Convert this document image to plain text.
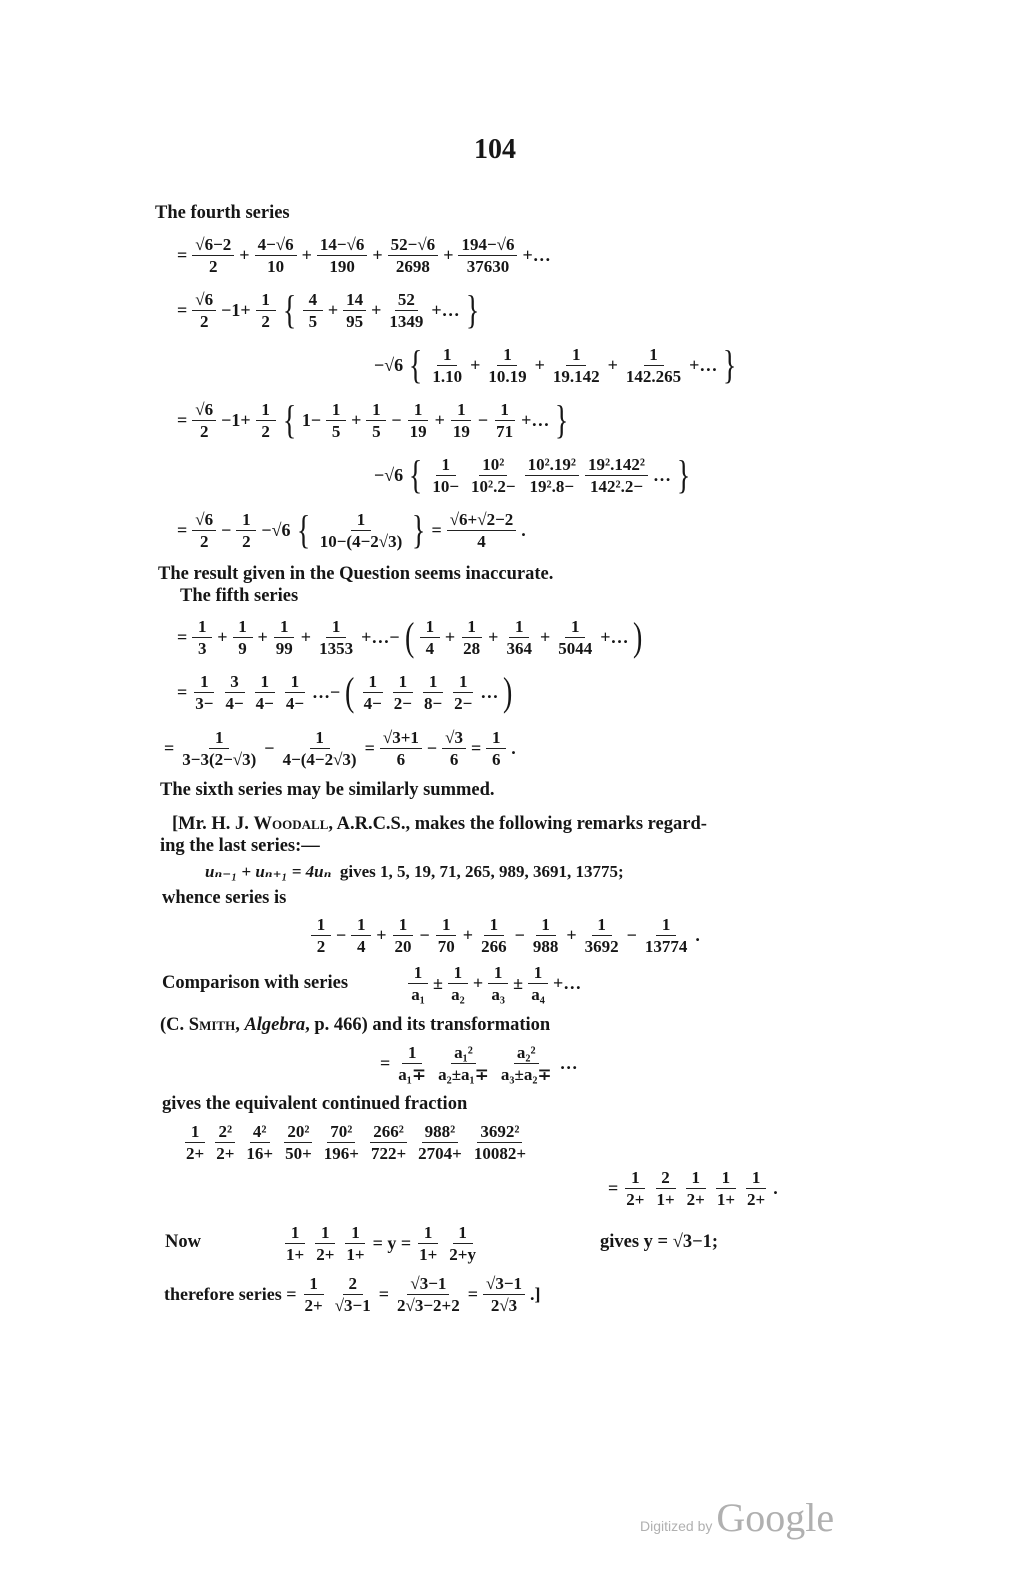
104
The fourth series
= $\frac{√6-2}{2} + \frac{4-√6}{10} + \frac{14-√6}{190} + \frac{52-√6}{2698} + \frac{194-√6}{37630}$ +…
= $\frac{√6}{2} -1+ \frac{1}{2}$ { $\frac{4}{5} + \frac{14}{95} + \frac{52}{1349}$ +… }
−√6 { $\frac{1}{1.10} + \frac{1}{10.19} + \frac{1}{19.142} + \frac{1}{142.265}$ +… }
= $\frac{√6}{2} -1+ \frac{1}{2}$ { $1- \frac{1}{5} + \frac{1}{5} - \frac{1}{19} + \frac{1}{19} - \frac{1}{71}$ +… }
−√6 { $\frac{1}{10-} \frac{\text{10²}}{\text{10².2−}} \frac{\text{10².19²}}{\text{19².8−}} \frac{\text{19².142²}}{\text{142².2−}}$ … }
= $\frac{√6}{2} - \frac{1}{2} -√6$ { $\frac{1}{10-(4-2√3)}$ } = $\frac{√6+√2-2}{4}$ .
The result given in the Question seems inaccurate.
The fifth series
= $\frac{1}{3} + \frac{1}{9} + \frac{1}{99} + \frac{1}{1353}$ +…− ( $\frac{1}{4} + \frac{1}{28} + \frac{1}{364} + \frac{1}{5044}$ +… )
= $\frac{1}{3-} \frac{3}{4-} \frac{1}{4-} \frac{1}{4-}$ …− ( $\frac{1}{4-} \frac{1}{2-} \frac{1}{8-} \frac{1}{2-}$ … )
= $\frac{1}{3-3(2-√3)} - \frac{1}{4-(4-2√3)} = \frac{√3+1}{6} - \frac{√3}{6} = \frac{1}{6}$ .
The sixth series may be similarly summed.
[Mr. H. J. Woodall, A.R.C.S., makes the following remarks regard-
ing the last series:—
uₙ₋₁ + uₙ₊₁ = 4uₙ gives 1, 5, 19, 71, 265, 989, 3691, 13775;
whence series is
$\frac{1}{2} - \frac{1}{4} + \frac{1}{20} - \frac{1}{70} + \frac{1}{266} - \frac{1}{988} + \frac{1}{3692} - \frac{1}{13774}$ .
Comparison with series	$\frac{1}{\text{a₁}} \pm \frac{1}{\text{a₂}} + \frac{1}{\text{a₃}} \pm \frac{1}{\text{a₄}}$ +…
(C. Smith, Algebra, p. 466) and its transformation
= $\frac{1}{\text{a₁∓}} \frac{\text{a₁²}}{\text{a₂±a₁∓}} \frac{\text{a₂²}}{\text{a₃±a₂∓}}$ …
gives the equivalent continued fraction
$\frac{1}{2+} \frac{\text{2²}}{2+} \frac{\text{4²}}{16+} \frac{\text{20²}}{50+} \frac{\text{70²}}{196+} \frac{\text{266²}}{722+} \frac{\text{988²}}{2704+} \frac{\text{3692²}}{10082+}$
= $\frac{1}{2+} \frac{2}{1+} \frac{1}{2+} \frac{1}{1+} \frac{1}{2+}$ .
Now	$\frac{1}{1+} \frac{1}{2+} \frac{1}{1+} = y = \frac{1}{1+} \frac{1}{2+y}$	gives y = √3−1;
therefore series = $\frac{1}{2+} \frac{2}{√3-1} = \frac{√3-1}{2√3-2+2} = \frac{√3-1}{2√3}$ .]
Digitized by Google
